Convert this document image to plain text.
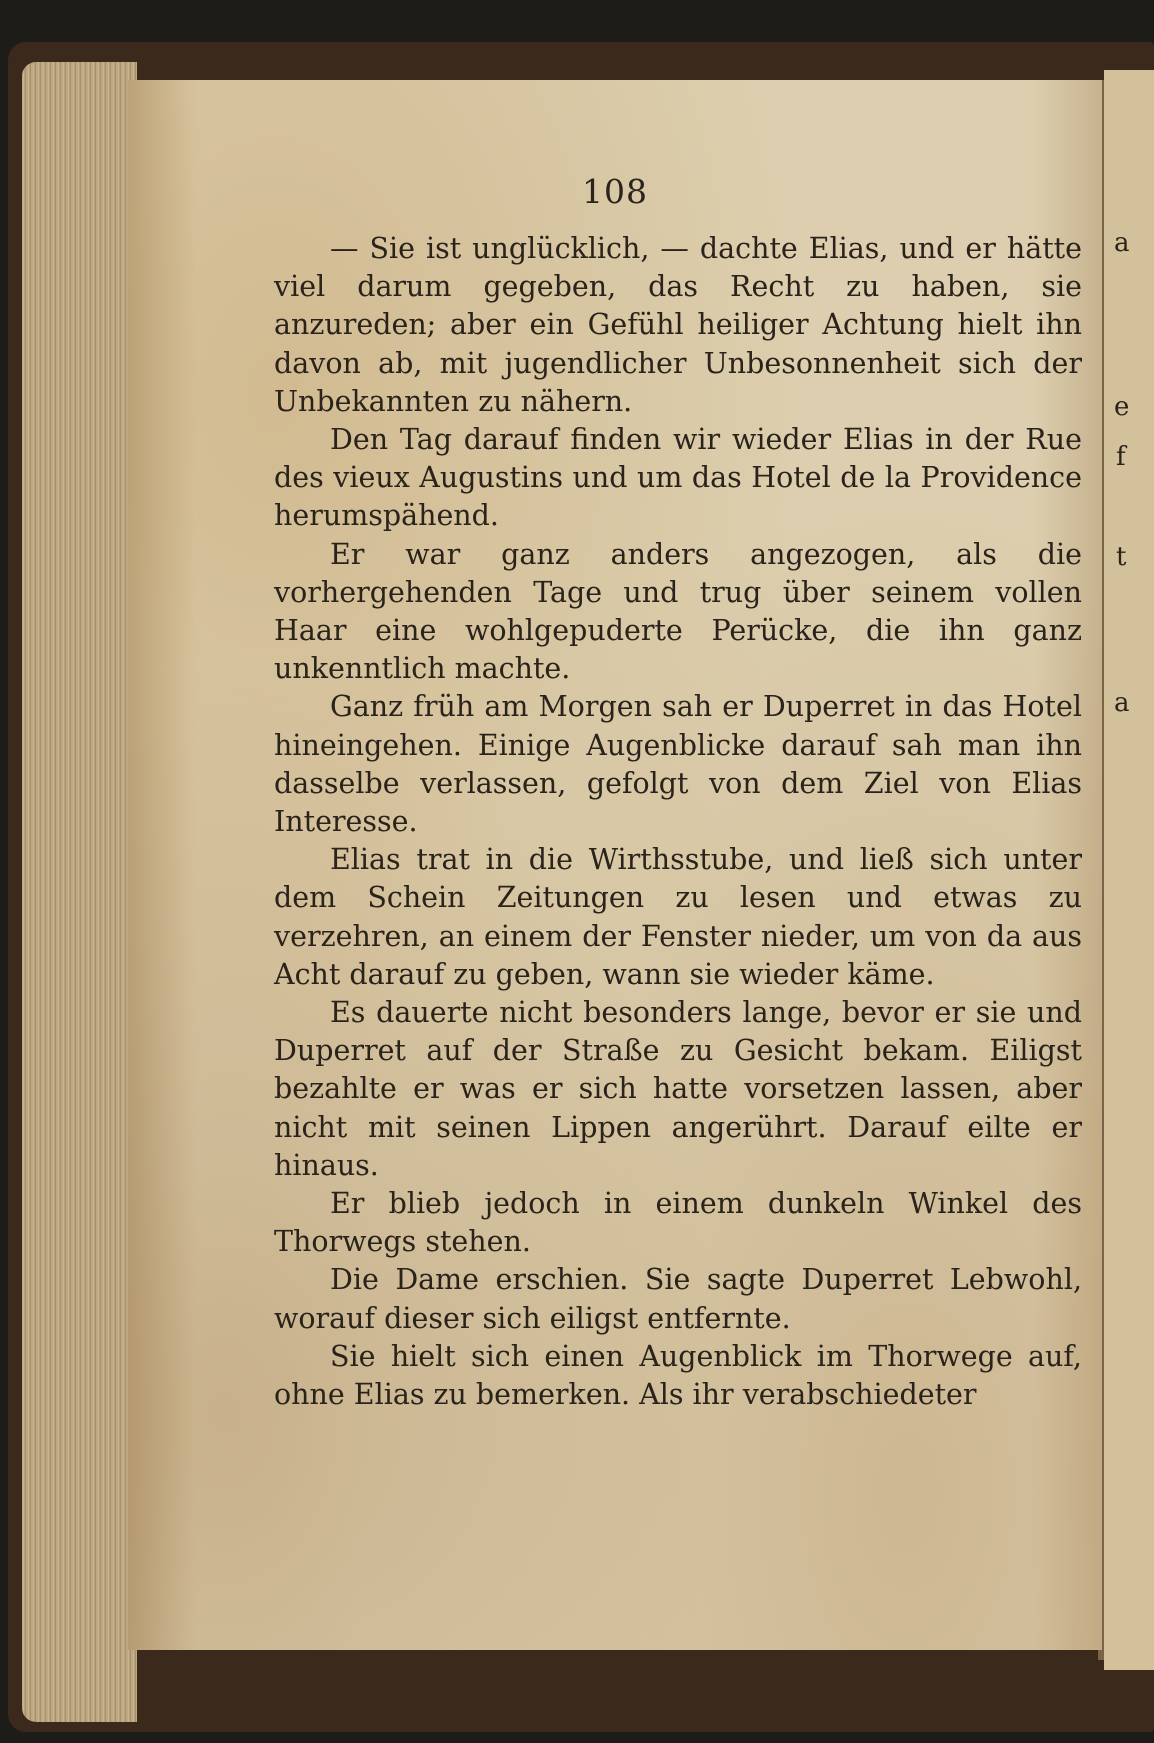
a
e
f
t
a
108

— Sie ist unglücklich, — dachte Elias, und er hätte viel darum gegeben, das Recht zu haben, sie anzureden; aber ein Gefühl heiliger Achtung hielt ihn davon ab, mit jugendlicher Unbesonnenheit sich der Unbekannten zu nähern.

Den Tag darauf finden wir wieder Elias in der Rue des vieux Augustins und um das Hotel de la Providence herumspähend.

Er war ganz anders angezogen, als die vorhergehenden Tage und trug über seinem vollen Haar eine wohlgepuderte Perücke, die ihn ganz unkenntlich machte.

Ganz früh am Morgen sah er Duperret in das Hotel hineingehen. Einige Augenblicke darauf sah man ihn dasselbe verlassen, gefolgt von dem Ziel von Elias Interesse.

Elias trat in die Wirthsstube, und ließ sich unter dem Schein Zeitungen zu lesen und etwas zu verzehren, an einem der Fenster nieder, um von da aus Acht darauf zu geben, wann sie wieder käme.

Es dauerte nicht besonders lange, bevor er sie und Duperret auf der Straße zu Gesicht bekam. Eiligst bezahlte er was er sich hatte vorsetzen lassen, aber nicht mit seinen Lippen angerührt. Darauf eilte er hinaus.

Er blieb jedoch in einem dunkeln Winkel des Thorwegs stehen.

Die Dame erschien. Sie sagte Duperret Lebwohl, worauf dieser sich eiligst entfernte.

Sie hielt sich einen Augenblick im Thorwege auf, ohne Elias zu bemerken. Als ihr verabschiedeter
